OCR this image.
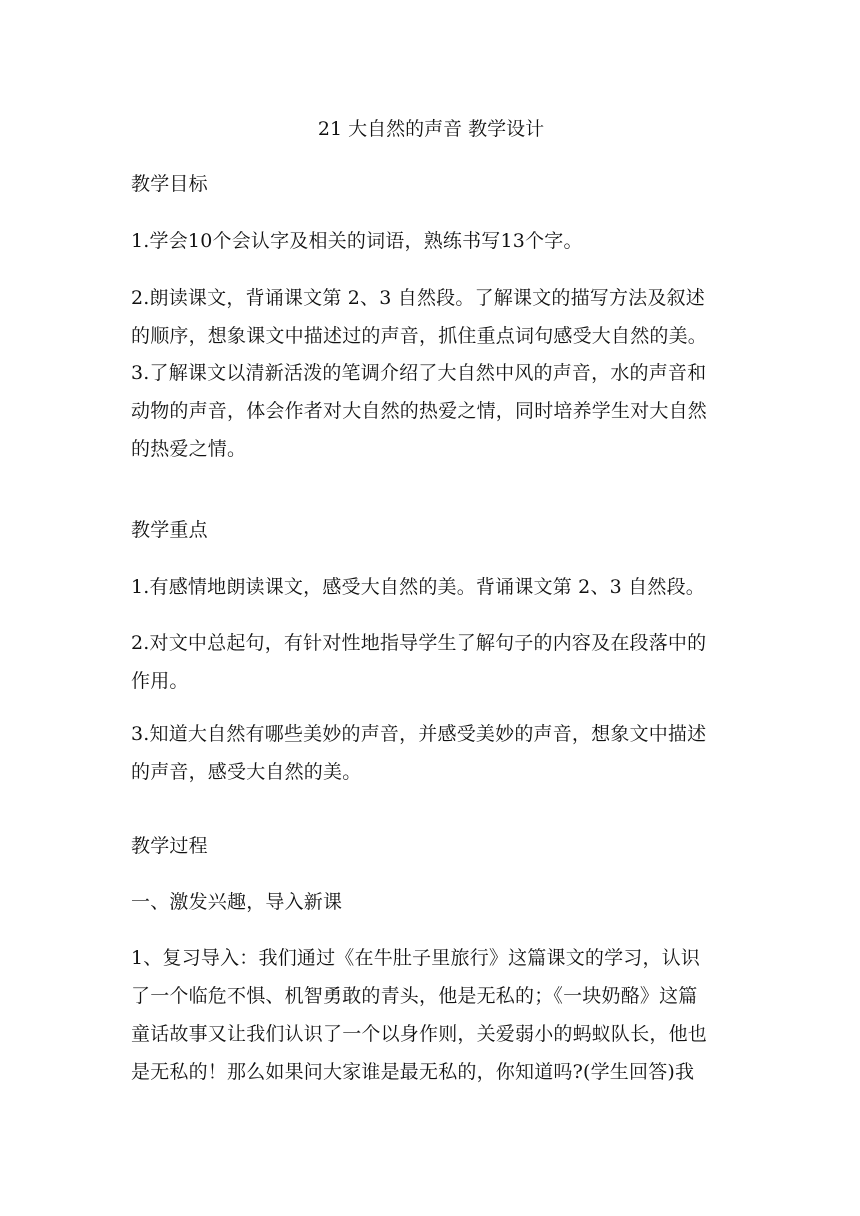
21 大自然的声音 教学设计
教学目标
1.学会10个会认字及相关的词语，熟练书写13个字。
2.朗读课文，背诵课文第 2、3 自然段。了解课文的描写方法及叙述
的顺序，想象课文中描述过的声音，抓住重点词句感受大自然的美。
3.了解课文以清新活泼的笔调介绍了大自然中风的声音，水的声音和
动物的声音，体会作者对大自然的热爱之情，同时培养学生对大自然
的热爱之情。
教学重点
1.有感情地朗读课文，感受大自然的美。背诵课文第 2、3 自然段。
2.对文中总起句，有针对性地指导学生了解句子的内容及在段落中的
作用。
3.知道大自然有哪些美妙的声音，并感受美妙的声音，想象文中描述
的声音，感受大自然的美。
教学过程
一、激发兴趣，导入新课
1、复习导入：我们通过《在牛肚子里旅行》这篇课文的学习，认识
了一个临危不惧、机智勇敢的青头，他是无私的；《一块奶酪》这篇
童话故事又让我们认识了一个以身作则，关爱弱小的蚂蚁队长，他也
是无私的！那么如果问大家谁是最无私的，你知道吗?(学生回答)我
